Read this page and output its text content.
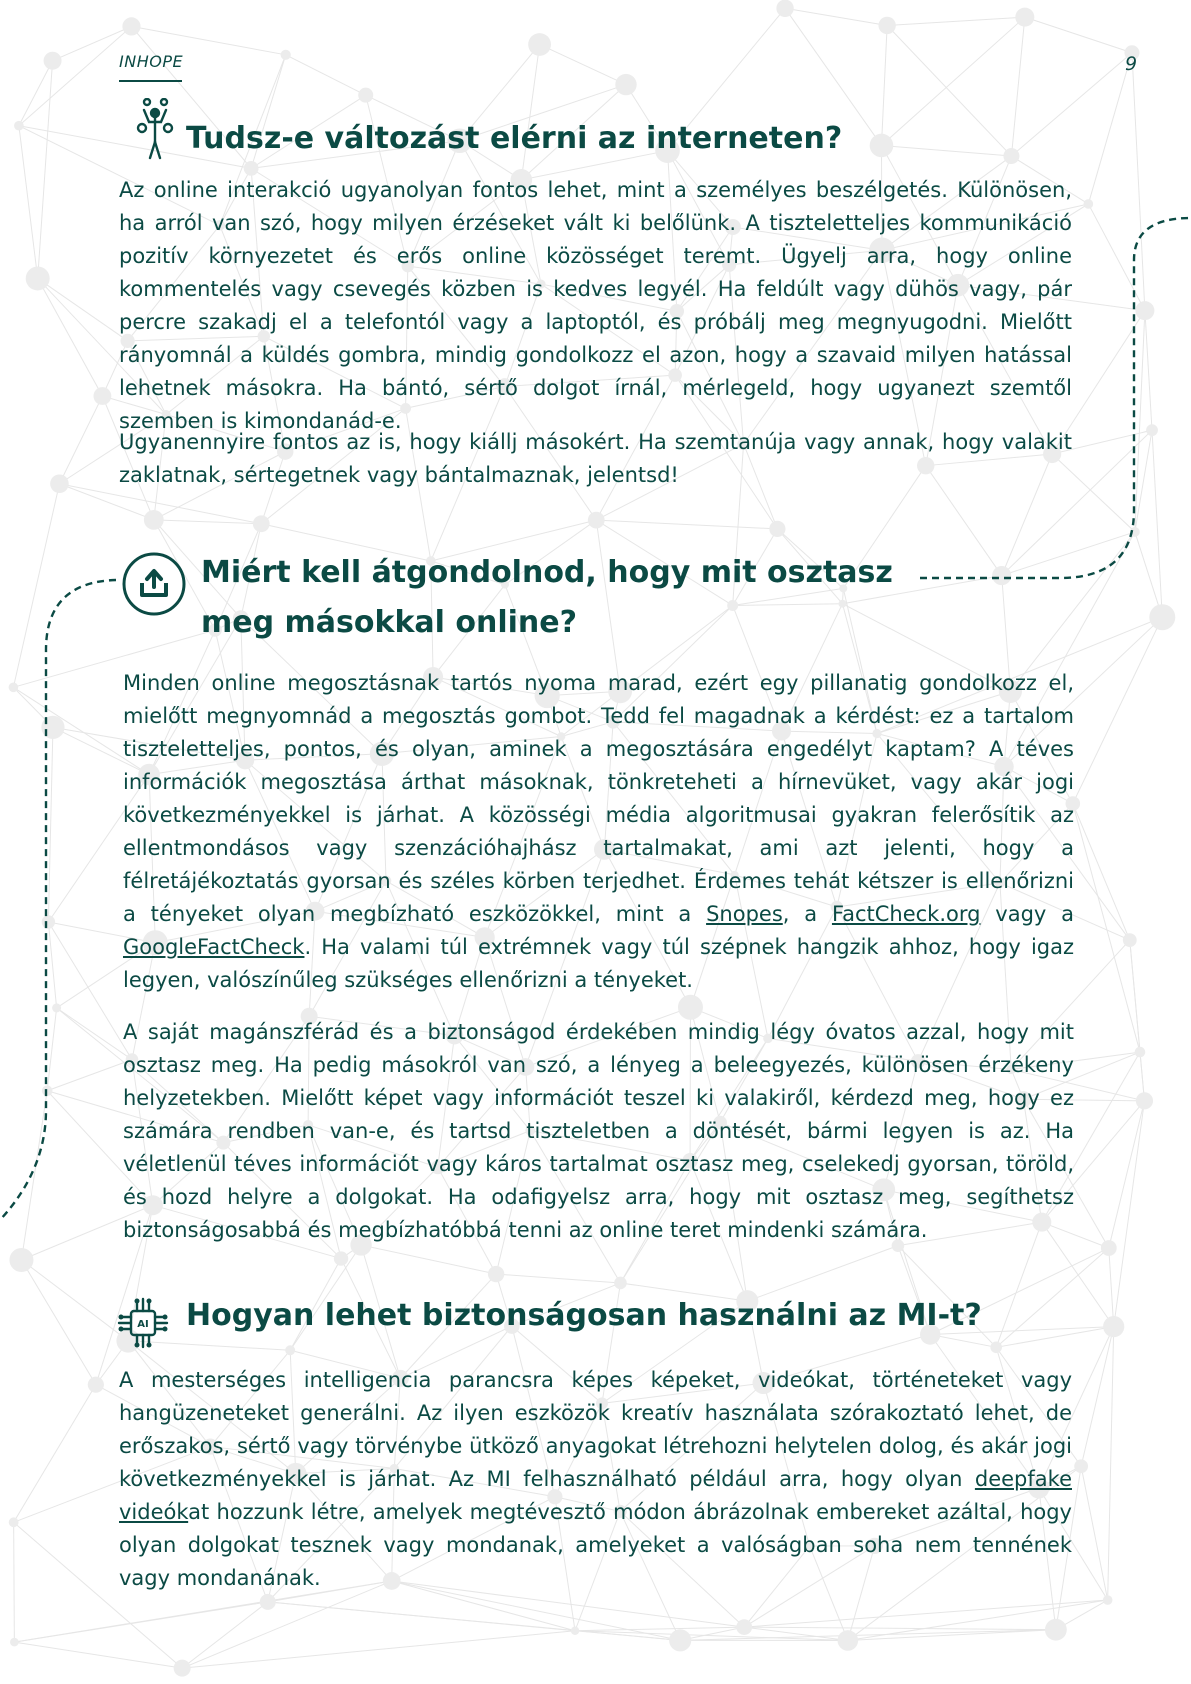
INHOPE	9
Tudsz-e változást elérni az interneten?

Az online interakció ugyanolyan fontos lehet, mint a személyes beszélgetés. Különösen, ha arról van szó, hogy milyen érzéseket vált ki belőlünk. A tiszteletteljes kommunikáció pozitív környezetet és erős online közösséget teremt. Ügyelj arra, hogy online kommentelés vagy csevegés közben is kedves legyél. Ha feldúlt vagy dühös vagy, pár percre szakadj el a telefontól vagy a laptoptól, és próbálj meg megnyugodni. Mielőtt rányomnál a küldés gombra, mindig gondolkozz el azon, hogy a szavaid milyen hatással lehetnek másokra. Ha bántó, sértő dolgot írnál, mérlegeld, hogy ugyanezt szemtől szemben is kimondanád-e.

Ugyanennyire fontos az is, hogy kiállj másokért. Ha szemtanúja vagy annak, hogy valakit zaklatnak, sértegetnek vagy bántalmaznak, jelentsd!

Miért kell átgondolnod, hogy mit osztasz meg másokkal online?

Minden online megosztásnak tartós nyoma marad, ezért egy pillanatig gondolkozz el, mielőtt megnyomnád a megosztás gombot. Tedd fel magadnak a kérdést: ez a tartalom tiszteletteljes, pontos, és olyan, aminek a megosztására engedélyt kaptam? A téves információk megosztása árthat másoknak, tönkreteheti a hírnevüket, vagy akár jogi következményekkel is járhat. A közösségi média algoritmusai gyakran felerősítik az ellentmondásos vagy szenzációhajhász tartalmakat, ami azt jelenti, hogy a félretájékoztatás gyorsan és széles körben terjedhet. Érdemes tehát kétszer is ellenőrizni a tényeket olyan megbízható eszközökkel, mint a Snopes, a FactCheck.org vagy a GoogleFactCheck. Ha valami túl extrémnek vagy túl szépnek hangzik ahhoz, hogy igaz legyen, valószínűleg szükséges ellenőrizni a tényeket.

A saját magánszférád és a biztonságod érdekében mindig légy óvatos azzal, hogy mit osztasz meg. Ha pedig másokról van szó, a lényeg a beleegyezés, különösen érzékeny helyzetekben. Mielőtt képet vagy információt teszel ki valakiről, kérdezd meg, hogy ez számára rendben van-e, és tartsd tiszteletben a döntését, bármi legyen is az. Ha véletlenül téves információt vagy káros tartalmat osztasz meg, cselekedj gyorsan, töröld, és hozd helyre a dolgokat. Ha odafigyelsz arra, hogy mit osztasz meg, segíthetsz biztonságosabbá és megbízhatóbbá tenni az online teret mindenki számára.

AI Hogyan lehet biztonságosan használni az MI-t?

A mesterséges intelligencia parancsra képes képeket, videókat, történeteket vagy hangüzeneteket generálni. Az ilyen eszközök kreatív használata szórakoztató lehet, de erőszakos, sértő vagy törvénybe ütköző anyagokat létrehozni helytelen dolog, és akár jogi következményekkel is járhat. Az MI felhasználható például arra, hogy olyan deepfake videókat hozzunk létre, amelyek megtévesztő módon ábrázolnak embereket azáltal, hogy olyan dolgokat tesznek vagy mondanak, amelyeket a valóságban soha nem tennének vagy mondanának.
